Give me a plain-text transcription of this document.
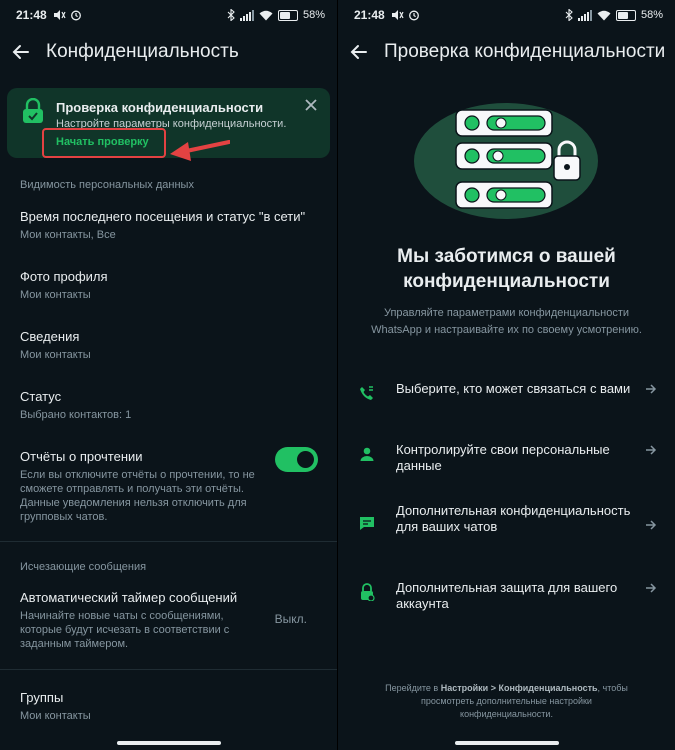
21:48	58%
Конфиденциальность
Проверка конфиденциальности
Настройте параметры конфиденциальности.
Начать проверку
Видимость персональных данных
Время последнего посещения и статус "в сети"
Мои контакты, Все
Фото профиля
Мои контакты
Сведения
Мои контакты
Статус
Выбрано контактов: 1
Отчёты о прочтении
Если вы отключите отчёты о прочтении, то не сможете отправлять и получать эти отчёты. Данные уведомления нельзя отключить для групповых чатов.
Исчезающие сообщения
Автоматический таймер сообщений
Начинайте новые чаты с сообщениями, которые будут исчезать в соответствии с заданным таймером.
Выкл.
Группы
Мои контакты
21:48	58%
Проверка конфиденциальности
Мы заботимся о вашей
конфиденциальности
Управляйте параметрами конфиденциальности WhatsApp и настраивайте их по своему усмотрению.
Выберите, кто может связаться с вами
Контролируйте свои персональные данные
Дополнительная конфиденциальность для ваших чатов
Дополнительная защита для вашего аккаунта
Перейдите в Настройки > Конфиденциальность, чтобы просмотреть дополнительные настройки конфиденциальности.
